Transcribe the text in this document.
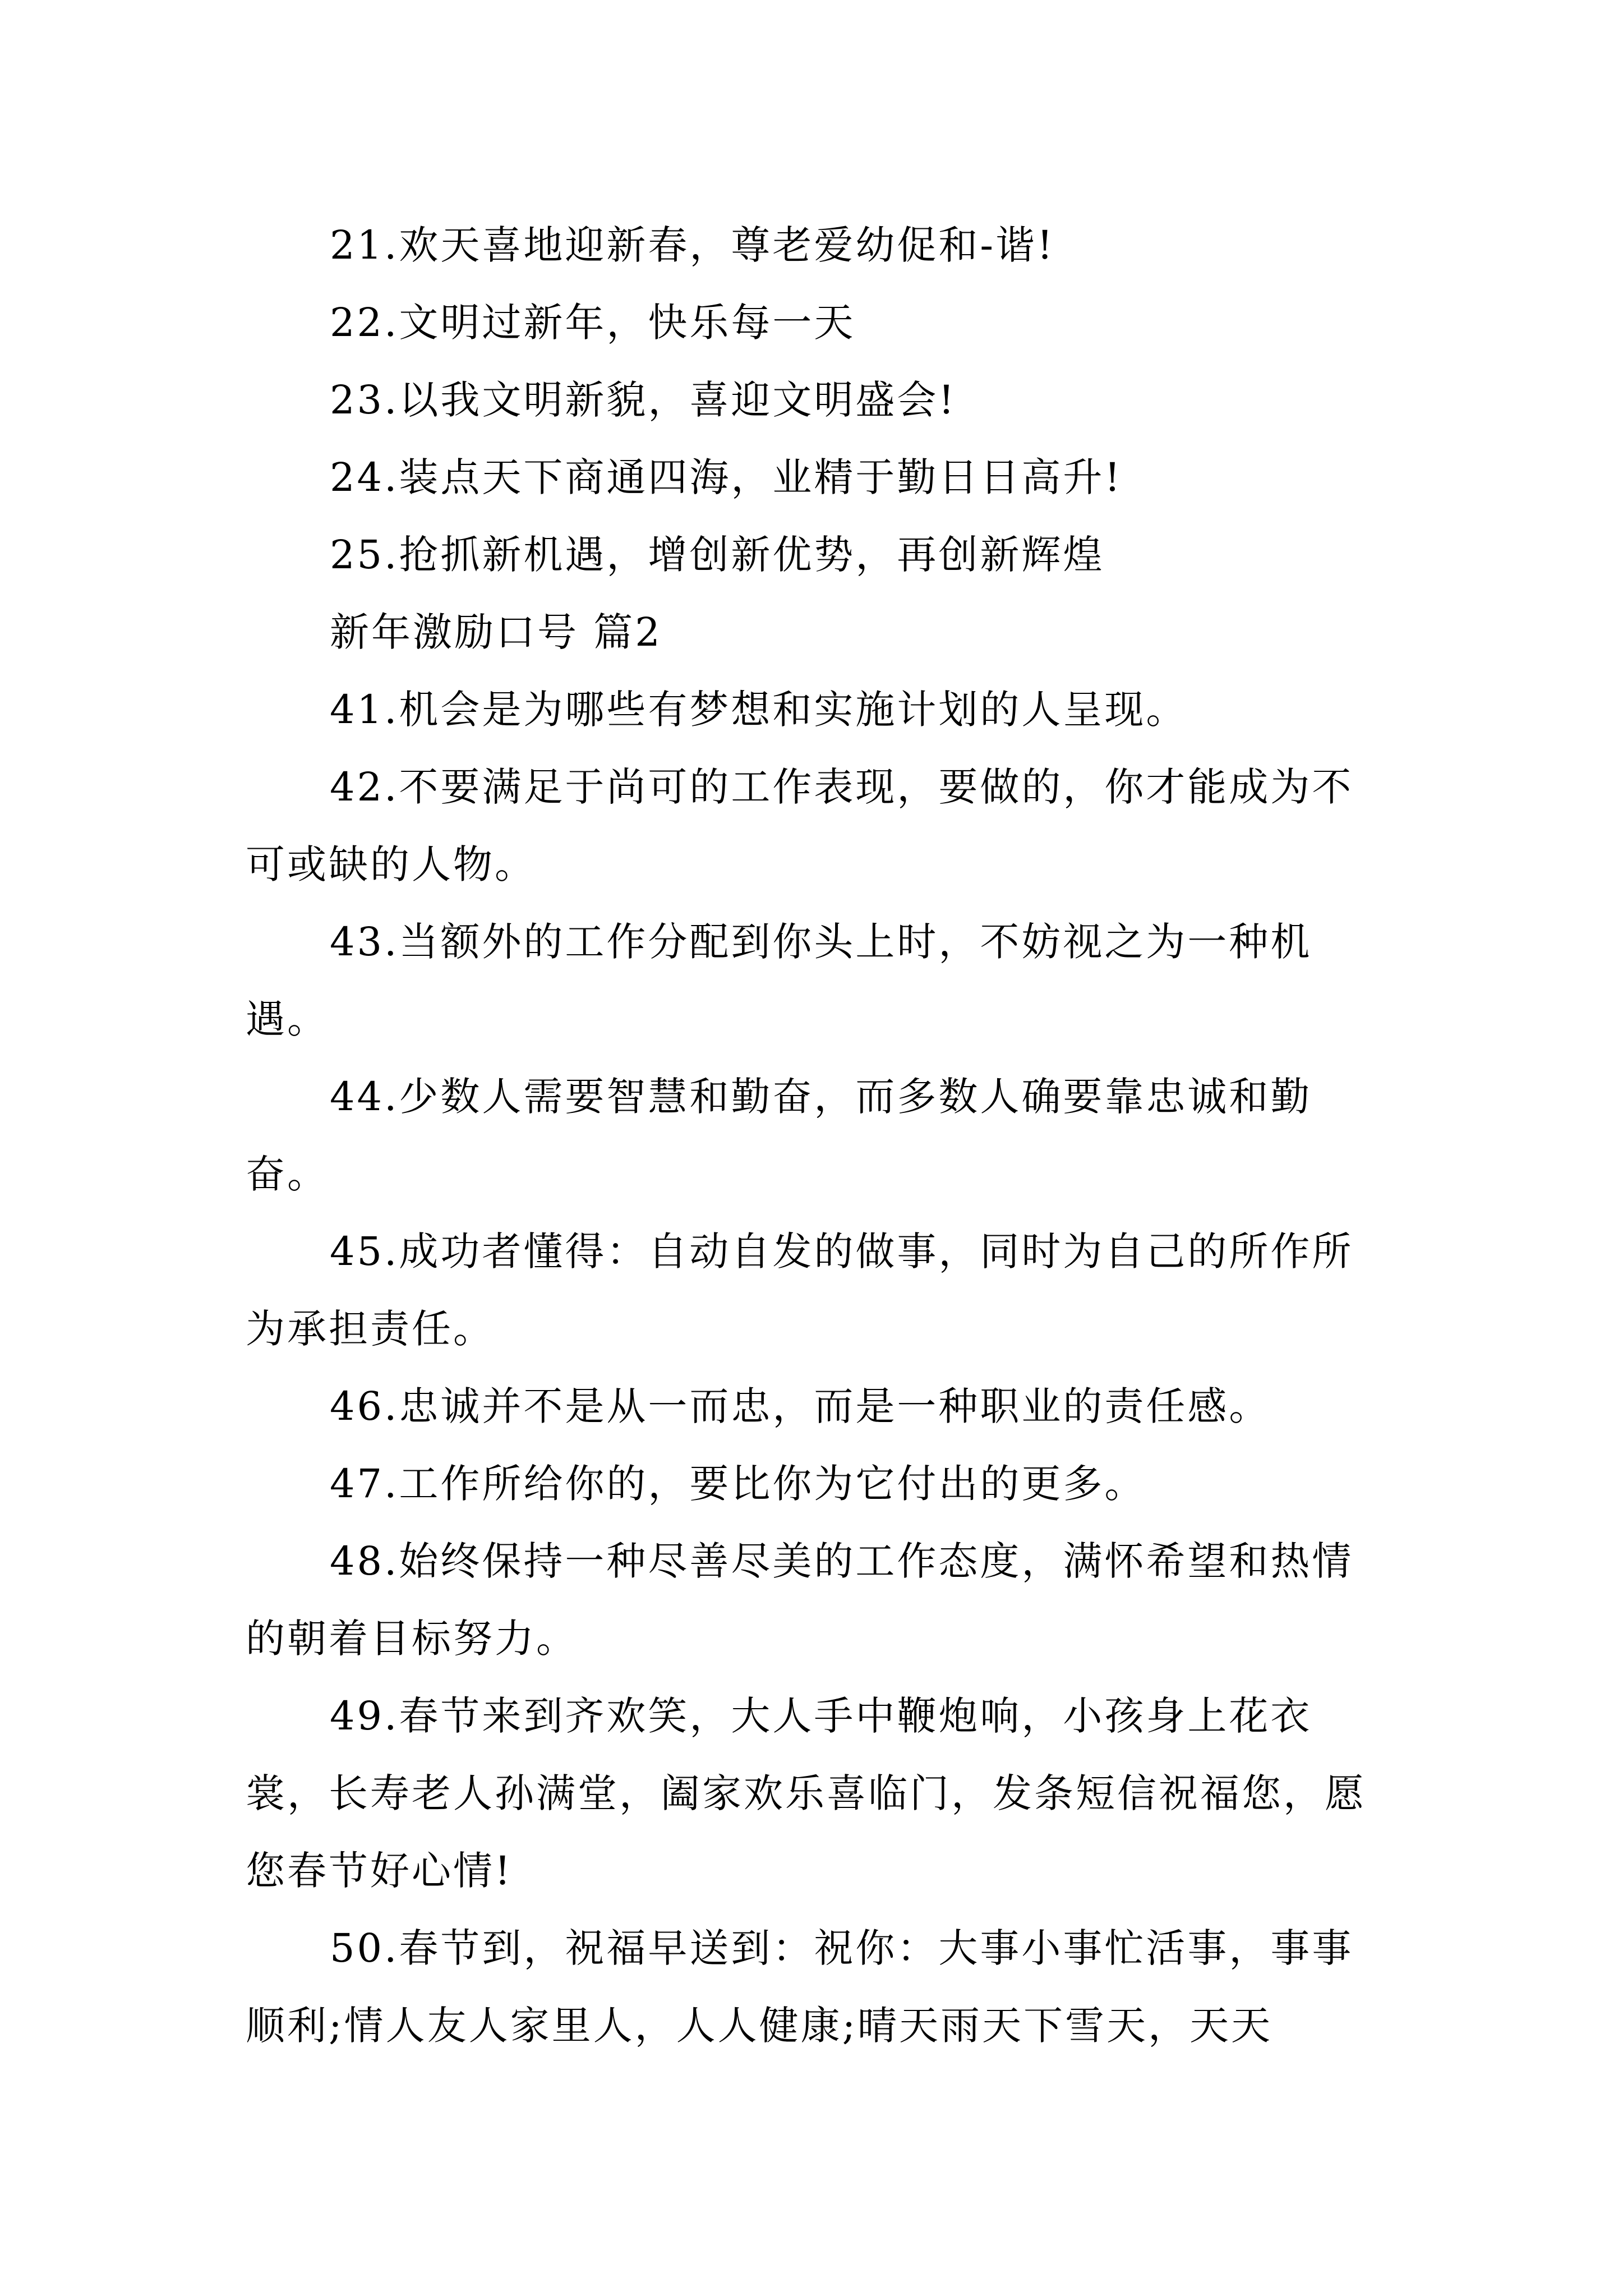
21.欢天喜地迎新春，尊老爱幼促和-谐!

22.文明过新年，快乐每一天

23.以我文明新貌，喜迎文明盛会!

24.装点天下商通四海，业精于勤日日高升!

25.抢抓新机遇，增创新优势，再创新辉煌

新年激励口号 篇2

41.机会是为哪些有梦想和实施计划的人呈现。

42.不要满足于尚可的工作表现，要做的，你才能成为不可或缺的人物。

43.当额外的工作分配到你头上时，不妨视之为一种机遇。

44.少数人需要智慧和勤奋，而多数人确要靠忠诚和勤奋。

45.成功者懂得：自动自发的做事，同时为自己的所作所为承担责任。

46.忠诚并不是从一而忠，而是一种职业的责任感。

47.工作所给你的，要比你为它付出的更多。

48.始终保持一种尽善尽美的工作态度，满怀希望和热情的朝着目标努力。

49.春节来到齐欢笑，大人手中鞭炮响，小孩身上花衣裳，长寿老人孙满堂，阖家欢乐喜临门，发条短信祝福您，愿您春节好心情!

50.春节到，祝福早送到：祝你：大事小事忙活事，事事顺利;情人友人家里人，人人健康;晴天雨天下雪天，天天
